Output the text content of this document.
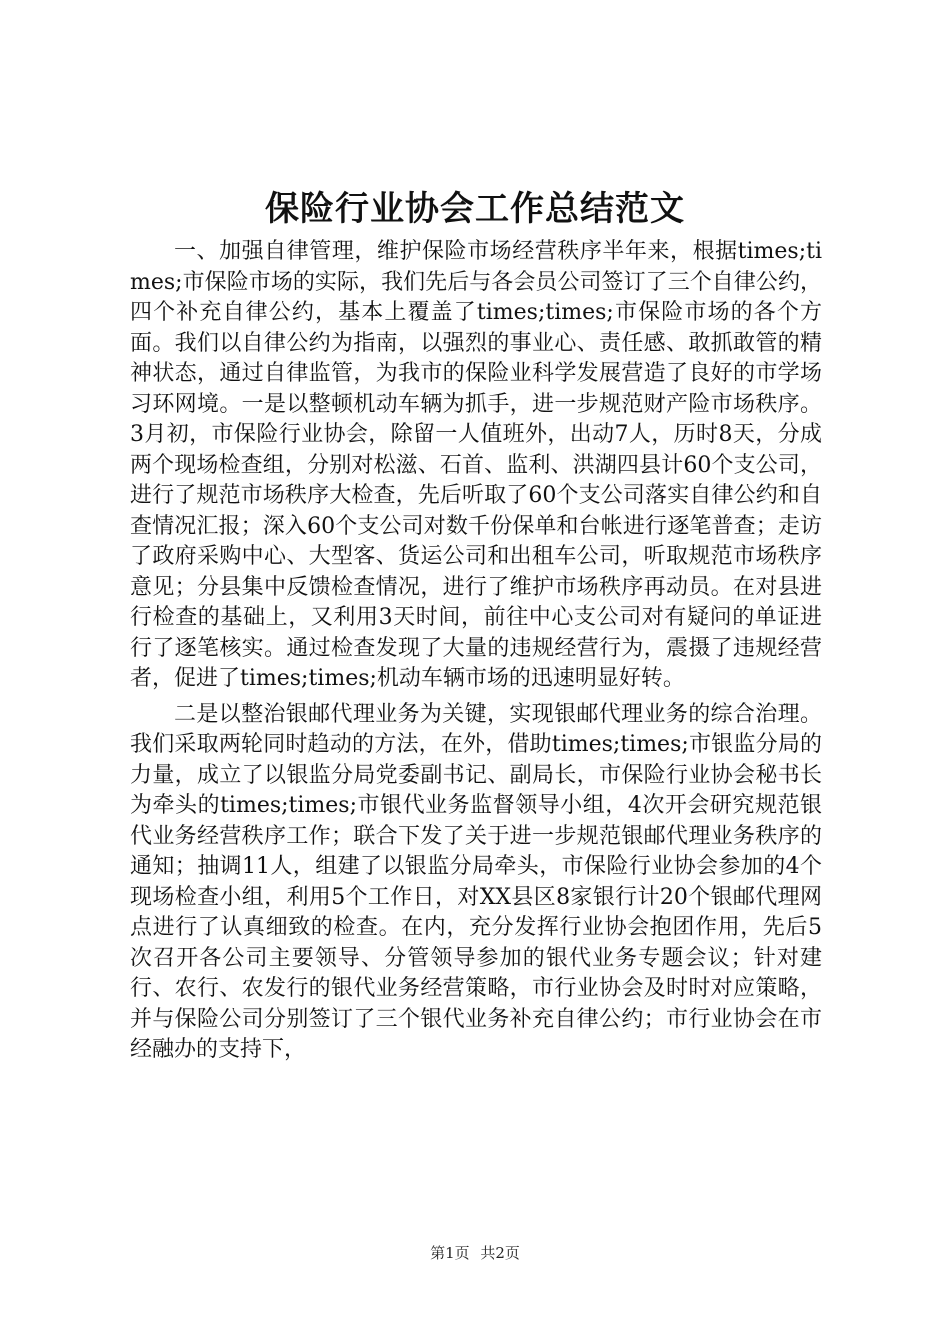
保险行业协会工作总结范文

一、加强自律管理，维护保险市场经营秩序半年来，根据times;times;市保险市场的实际，我们先后与各会员公司签订了三个自律公约，四个补充自律公约，基本上覆盖了times;times;市保险市场的各个方面。我们以自律公约为指南，以强烈的事业心、责任感、敢抓敢管的精神状态，通过自律监管，为我市的保险业科学发展营造了良好的市学场习环网境。一是以整顿机动车辆为抓手，进一步规范财产险市场秩序。3月初，市保险行业协会，除留一人值班外，出动7人，历时8天，分成两个现场检查组，分别对松滋、石首、监利、洪湖四县计60个支公司，进行了规范市场秩序大检查，先后听取了60个支公司落实自律公约和自查情况汇报；深入60个支公司对数千份保单和台帐进行逐笔普查；走访了政府采购中心、大型客、货运公司和出租车公司，听取规范市场秩序意见；分县集中反馈检查情况，进行了维护市场秩序再动员。在对县进行检查的基础上，又利用3天时间，前往中心支公司对有疑问的单证进行了逐笔核实。通过检查发现了大量的违规经营行为，震摄了违规经营者，促进了times;times;机动车辆市场的迅速明显好转。

二是以整治银邮代理业务为关键，实现银邮代理业务的综合治理。我们采取两轮同时趋动的方法，在外，借助times;times;市银监分局的力量，成立了以银监分局党委副书记、副局长，市保险行业协会秘书长为牵头的times;times;市银代业务监督领导小组，4次开会研究规范银代业务经营秩序工作；联合下发了关于进一步规范银邮代理业务秩序的通知；抽调11人，组建了以银监分局牵头，市保险行业协会参加的4个现场检查小组，利用5个工作日，对XX县区8家银行计20个银邮代理网点进行了认真细致的检查。在内，充分发挥行业协会抱团作用，先后5次召开各公司主要领导、分管领导参加的银代业务专题会议；针对建行、农行、农发行的银代业务经营策略，市行业协会及时时对应策略，并与保险公司分别签订了三个银代业务补充自律公约；市行业协会在市经融办的支持下，

第1页 共2页
